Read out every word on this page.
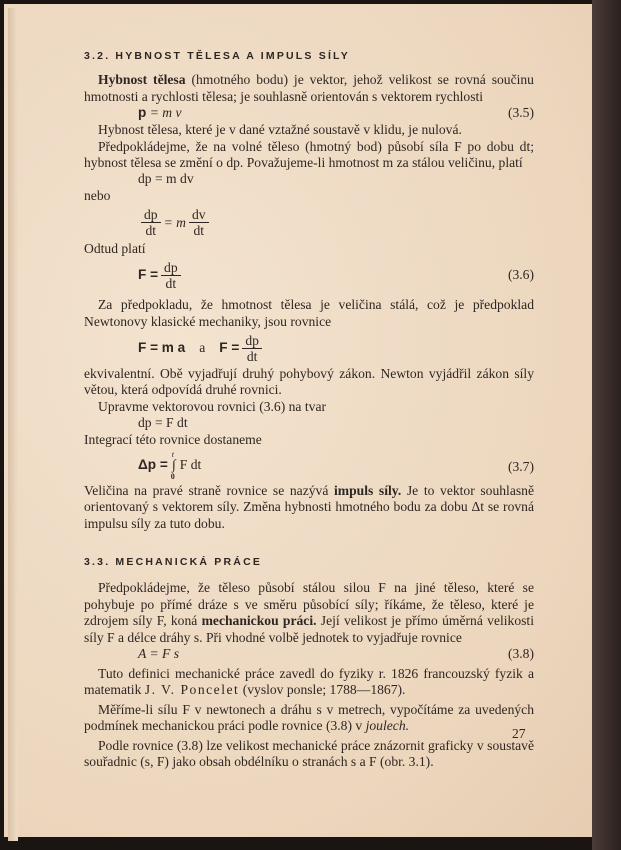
3.2. HYBNOST TĚLESA A IMPULS SÍLY

Hybnost tělesa (hmotného bodu) je vektor, jehož velikost se rovná součinu hmotnosti a rychlosti tělesa; je souhlasně orientován s vektorem rychlosti

p = m v	(3.5)

Hybnost tělesa, které je v dané vztažné soustavě v klidu, je nulová.

Předpokládejme, že na volné těleso (hmotný bod) působí síla F po dobu dt; hybnost tělesa se změní o dp. Považujeme-li hmotnost m za stálou veličinu, platí

dp = m dv

nebo

$\frac{dp}{dt} = m \frac{dv}{dt}$

Odtud platí

$F = \frac{dp}{dt}$	(3.6)

Za předpokladu, že hmotnost tělesa je veličina stálá, což je předpoklad Newtonovy klasické mechaniky, jsou rovnice

F = m a a $F = \frac{dp}{dt}$

ekvivalentní. Obě vyjadřují druhý pohybový zákon. Newton vyjádřil zákon síly větou, která odpovídá druhé rovnici.

Upravme vektorovou rovnici (3.6) na tvar

dp = F dt

Integrací této rovnice dostaneme

Δp = ∫
t
0
F dt	(3.7)

Veličina na pravé straně rovnice se nazývá impuls síly. Je to vektor souhlasně orientovaný s vektorem síly. Změna hybnosti hmotného bodu za dobu Δt se rovná impulsu síly za tuto dobu.

3.3. MECHANICKÁ PRÁCE

Předpokládejme, že těleso působí stálou silou F na jiné těleso, které se pohybuje po přímé dráze s ve směru působící síly; říkáme, že těleso, které je zdrojem síly F, koná mechanickou práci. Její velikost je přímo úměrná velikosti síly F a délce dráhy s. Při vhodné volbě jednotek to vyjadřuje rovnice

A = F s	(3.8)

Tuto definici mechanické práce zavedl do fyziky r. 1826 francouzský fyzik a matematik J. V. Poncelet (vyslov ponsle; 1788—1867).

Měříme-li sílu F v newtonech a dráhu s v metrech, vypočítáme za uvedených podmínek mechanickou práci podle rovnice (3.8) v joulech.

Podle rovnice (3.8) lze velikost mechanické práce znázornit graficky v soustavě souřadnic (s, F) jako obsah obdélníku o stranách s a F (obr. 3.1).

27
